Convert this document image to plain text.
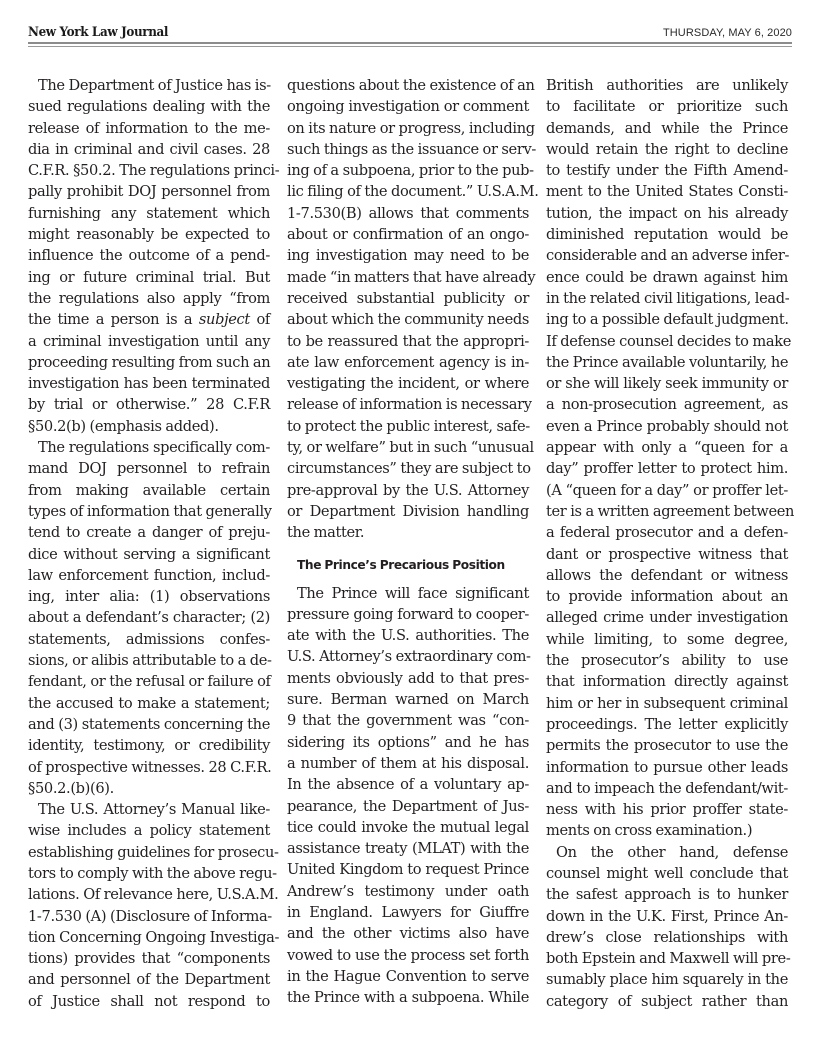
New York Law Journal	THURSDAY, MAY 6, 2020
The Department of Justice has is-
sued regulations dealing with the
release of information to the me-
dia in criminal and civil cases. 28
C.F.R. §50.2. The regulations princi-
pally prohibit DOJ personnel from
furnishing any statement which
might reasonably be expected to
influence the outcome of a pend-
ing or future criminal trial. But
the regulations also apply “from
the time a person is a subject of
a criminal investigation until any
proceeding resulting from such an
investigation has been terminated
by trial or otherwise.” 28 C.F.R
§50.2(b) (emphasis added).
The regulations specifically com-
mand DOJ personnel to refrain
from making available certain
types of information that generally
tend to create a danger of preju-
dice without serving a significant
law enforcement function, includ-
ing, inter alia: (1) observations
about a defendant’s character; (2)
statements, admissions confes-
sions, or alibis attributable to a de-
fendant, or the refusal or failure of
the accused to make a statement;
and (3) statements concerning the
identity, testimony, or credibility
of prospective witnesses. 28 C.F.R.
§50.2.(b)(6).
The U.S. Attorney’s Manual like-
wise includes a policy statement
establishing guidelines for prosecu-
tors to comply with the above regu-
lations. Of relevance here, U.S.A.M.
1-7.530 (A) (Disclosure of Informa-
tion Concerning Ongoing Investiga-
tions) provides that “components
and personnel of the Department
of Justice shall not respond to
questions about the existence of an
ongoing investigation or comment
on its nature or progress, including
such things as the issuance or serv-
ing of a subpoena, prior to the pub-
lic filing of the document.” U.S.A.M.
1-7.530(B) allows that comments
about or confirmation of an ongo-
ing investigation may need to be
made “in matters that have already
received substantial publicity or
about which the community needs
to be reassured that the appropri-
ate law enforcement agency is in-
vestigating the incident, or where
release of information is necessary
to protect the public interest, safe-
ty, or welfare” but in such “unusual
circumstances” they are subject to
pre-approval by the U.S. Attorney
or Department Division handling
the matter.
The Prince’s Precarious Position
The Prince will face significant
pressure going forward to cooper-
ate with the U.S. authorities. The
U.S. Attorney’s extraordinary com-
ments obviously add to that pres-
sure. Berman warned on March
9 that the government was “con-
sidering its options” and he has
a number of them at his disposal.
In the absence of a voluntary ap-
pearance, the Department of Jus-
tice could invoke the mutual legal
assistance treaty (MLAT) with the
United Kingdom to request Prince
Andrew’s testimony under oath
in England. Lawyers for Giuffre
and the other victims also have
vowed to use the process set forth
in the Hague Convention to serve
the Prince with a subpoena. While
British authorities are unlikely
to facilitate or prioritize such
demands, and while the Prince
would retain the right to decline
to testify under the Fifth Amend-
ment to the United States Consti-
tution, the impact on his already
diminished reputation would be
considerable and an adverse infer-
ence could be drawn against him
in the related civil litigations, lead-
ing to a possible default judgment.
If defense counsel decides to make
the Prince available voluntarily, he
or she will likely seek immunity or
a non-prosecution agreement, as
even a Prince probably should not
appear with only a “queen for a
day” proffer letter to protect him.
(A “queen for a day” or proffer let-
ter is a written agreement between
a federal prosecutor and a defen-
dant or prospective witness that
allows the defendant or witness
to provide information about an
alleged crime under investigation
while limiting, to some degree,
the prosecutor’s ability to use
that information directly against
him or her in subsequent criminal
proceedings. The letter explicitly
permits the prosecutor to use the
information to pursue other leads
and to impeach the defendant/wit-
ness with his prior proffer state-
ments on cross examination.)
On the other hand, defense
counsel might well conclude that
the safest approach is to hunker
down in the U.K. First, Prince An-
drew’s close relationships with
both Epstein and Maxwell will pre-
sumably place him squarely in the
category of subject rather than
